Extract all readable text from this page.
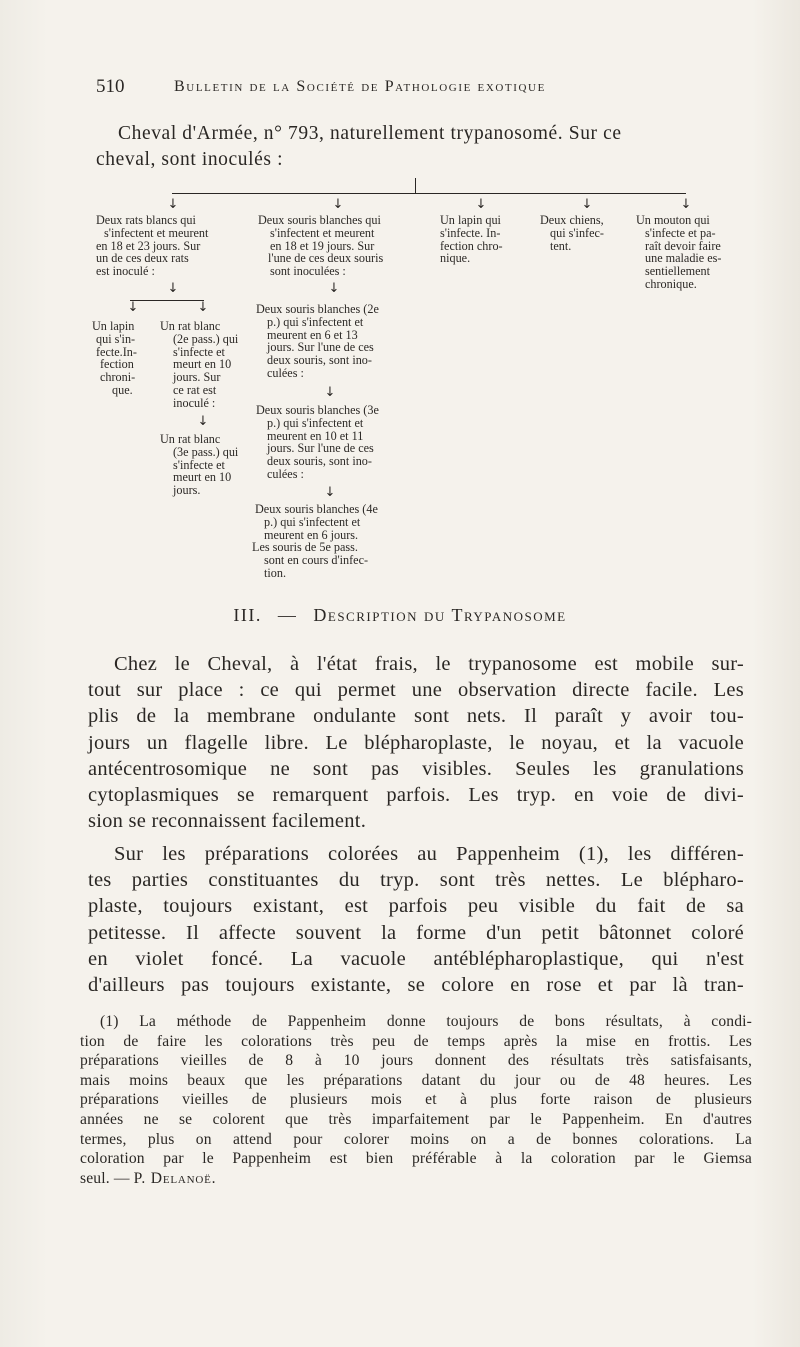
510	Bulletin de la Société de Pathologie exotique
Cheval d'Armée, n° 793, naturellement trypanosomé. Sur ce
cheval, sont inoculés :
↓	↓	↓	↓	↓
Deux rats blancs qui
s'infectent et meurent
en 18 et 23 jours. Sur
un de ces deux rats
est inoculé :
↓
↓	↓
Un lapin
qui s'in-
fecte.In-
fection
chroni-
que.
Un rat blanc
(2e pass.) qui
s'infecte et
meurt en 10
jours. Sur
ce rat est
inoculé :
↓
Un rat blanc
(3e pass.) qui
s'infecte et
meurt en 10
jours.
Deux souris blanches qui
s'infectent et meurent
en 18 et 19 jours. Sur
l'une de ces deux souris
sont inoculées :
↓
Deux souris blanches (2e
p.) qui s'infectent et
meurent en 6 et 13
jours. Sur l'une de ces
deux souris, sont ino-
culées :
↓
Deux souris blanches (3e
p.) qui s'infectent et
meurent en 10 et 11
jours. Sur l'une de ces
deux souris, sont ino-
culées :
↓
Deux souris blanches (4e
p.) qui s'infectent et
meurent en 6 jours.
Les souris de 5e pass.
sont en cours d'infec-
tion.
Un lapin qui
s'infecte. In-
fection chro-
nique.
Deux chiens,
qui s'infec-
tent.
Un mouton qui
s'infecte et pa-
raît devoir faire
une maladie es-
sentiellement
chronique.
III. — Description du Trypanosome
Chez le Cheval, à l'état frais, le trypanosome est mobile sur-
tout sur place : ce qui permet une observation directe facile. Les
plis de la membrane ondulante sont nets. Il paraît y avoir tou-
jours un flagelle libre. Le blépharoplaste, le noyau, et la vacuole
antécentrosomique ne sont pas visibles. Seules les granulations
cytoplasmiques se remarquent parfois. Les tryp. en voie de divi-
sion se reconnaissent facilement.
Sur les préparations colorées au Pappenheim (1), les différen-
tes parties constituantes du tryp. sont très nettes. Le blépharo-
plaste, toujours existant, est parfois peu visible du fait de sa
petitesse. Il affecte souvent la forme d'un petit bâtonnet coloré
en violet foncé. La vacuole antéblépharoplastique, qui n'est
d'ailleurs pas toujours existante, se colore en rose et par là tran-
(1) La méthode de Pappenheim donne toujours de bons résultats, à condi-
tion de faire les colorations très peu de temps après la mise en frottis. Les
préparations vieilles de 8 à 10 jours donnent des résultats très satisfaisants,
mais moins beaux que les préparations datant du jour ou de 48 heures. Les
préparations vieilles de plusieurs mois et à plus forte raison de plusieurs
années ne se colorent que très imparfaitement par le Pappenheim. En d'autres
termes, plus on attend pour colorer moins on a de bonnes colorations. La
coloration par le Pappenheim est bien préférable à la coloration par le Giemsa
seul. — P. Delanoë.
